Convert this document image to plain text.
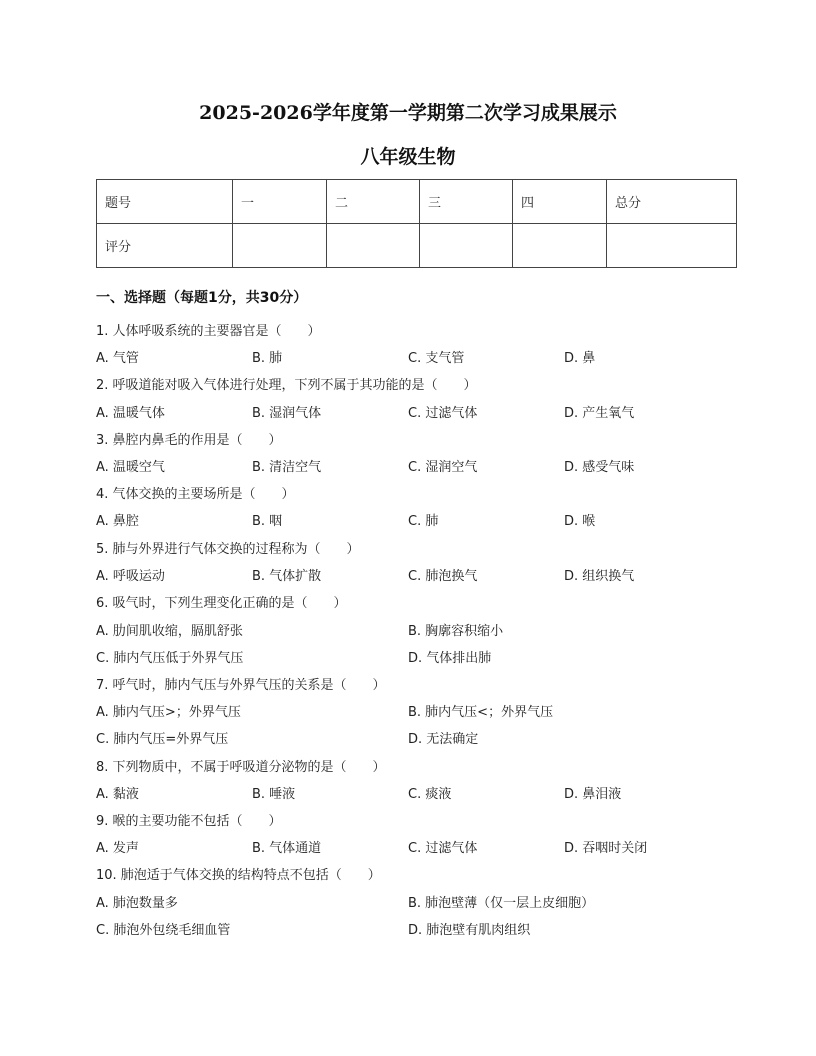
2025-2026学年度第一学期第二次学习成果展示
八年级生物
题号	一	二	三	四	总分
评分					
一、选择题（每题1分，共30分）
1. 人体呼吸系统的主要器官是（　　）
A. 气管	B. 肺	C. 支气管	D. 鼻
2. 呼吸道能对吸入气体进行处理，下列不属于其功能的是（　　）
A. 温暖气体	B. 湿润气体	C. 过滤气体	D. 产生氧气
3. 鼻腔内鼻毛的作用是（　　）
A. 温暖空气	B. 清洁空气	C. 湿润空气	D. 感受气味
4. 气体交换的主要场所是（　　）
A. 鼻腔	B. 咽	C. 肺	D. 喉
5. 肺与外界进行气体交换的过程称为（　　）
A. 呼吸运动	B. 气体扩散	C. 肺泡换气	D. 组织换气
6. 吸气时，下列生理变化正确的是（　　）
A. 肋间肌收缩，膈肌舒张	B. 胸廓容积缩小
C. 肺内气压低于外界气压	D. 气体排出肺
7. 呼气时，肺内气压与外界气压的关系是（　　）
A. 肺内气压>；外界气压	B. 肺内气压<；外界气压
C. 肺内气压=外界气压	D. 无法确定
8. 下列物质中，不属于呼吸道分泌物的是（　　）
A. 黏液	B. 唾液	C. 痰液	D. 鼻泪液
9. 喉的主要功能不包括（　　）
A. 发声	B. 气体通道	C. 过滤气体	D. 吞咽时关闭
10. 肺泡适于气体交换的结构特点不包括（　　）
A. 肺泡数量多	B. 肺泡壁薄（仅一层上皮细胞）
C. 肺泡外包绕毛细血管	D. 肺泡壁有肌肉组织
